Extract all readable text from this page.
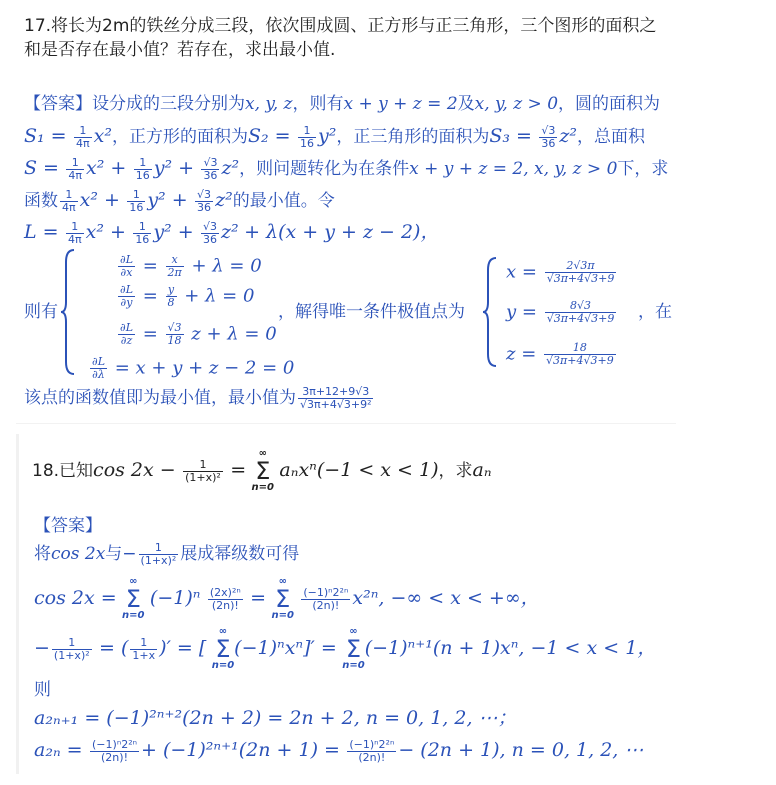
17.将长为2m的铁丝分成三段，依次围成圆、正方形与正三角形，三个图形的面积之
和是否存在最小值？若存在，求出最小值.
【答案】设分成的三段分别为x, y, z，则有x + y + z = 2及x, y, z > 0，圆的面积为
$S_1 = \frac{1}{4\pi} x^2$，正方形的面积为$S_2 = \frac{1}{16} y^2$，正三角形的面积为$S_3 = \frac{√3}{36} z^2$，总面积
$S = \frac{1}{4\pi} x^2 + \frac{1}{16} y^2 + \frac{√3}{36} z^2$，则问题转化为在条件x + y + z = 2, x, y, z > 0下，求
函数 $\frac{1}{4\pi} x^2 + \frac{1}{16} y^2 + \frac{√3}{36} z^2$的最小值。令
$L = \frac{1}{4\pi} x^2 + \frac{1}{16} y^2 + \frac{√3}{36} z^2 + \lambda(x + y + z - 2)$，
则有
$\frac{\partial L}{\partial x} = \frac{x}{2\pi} + \lambda = 0$
$\frac{\partial L}{\partial y} = \frac{y}{8} + \lambda = 0$
$\frac{\partial L}{\partial z} = \frac{√3}{18}$ z + λ = 0
$\frac{\partial L}{\partial\lambda} = x + y + z - 2 = 0$
，解得唯一条件极值点为
$x = \frac{2√3\pi}{√3\pi+4√3+9}$
$y = \frac{8√3}{√3\pi+4√3+9}$
$z = \frac{18}{√3\pi+4√3+9}$
，在
该点的函数值即为最小值，最小值为 $\frac{3\pi+12+9√3}{\text{√3π+4√3+9²}}$
18.已知$\cos 2x - \frac{1}{\text{(1+x)²}}$ =
∞
Σ
n=0
aₙxⁿ(−1 < x < 1)，求aₙ
【答案】
将cos 2x与− $\frac{1}{\text{(1+x)²}}$ 展成幂级数可得
cos 2x =
∞
Σ
n=0
$(-1)^n \frac{\text{(2x)²ⁿ}}{(2n)!}$ =
∞
Σ
n=0

$\frac{\text{(−1)ⁿ2²ⁿ}}{(2n)!} x^{2n}$, −∞ < x < +∞，
− $\frac{1}{\text{(1+x)²}}$ = ( $\frac{1}{1+x}$ )′ = [
∞
Σ
n=0
(−1)ⁿxⁿ]′ =
∞
Σ
n=0
(−1)ⁿ⁺¹(n + 1)xⁿ, −1 < x < 1，
则
a₂ₙ₊₁ = (−1)²ⁿ⁺²(2n + 2) = 2n + 2, n = 0, 1, 2, ⋯；
$a_{2n} = \frac{\text{(−1)ⁿ2²ⁿ}}{(2n)!} + (-1)^{2n+1}(2n + 1) = \frac{\text{(−1)ⁿ2²ⁿ}}{(2n)!} - (2n + 1)$, n = 0, 1, 2, ⋯
